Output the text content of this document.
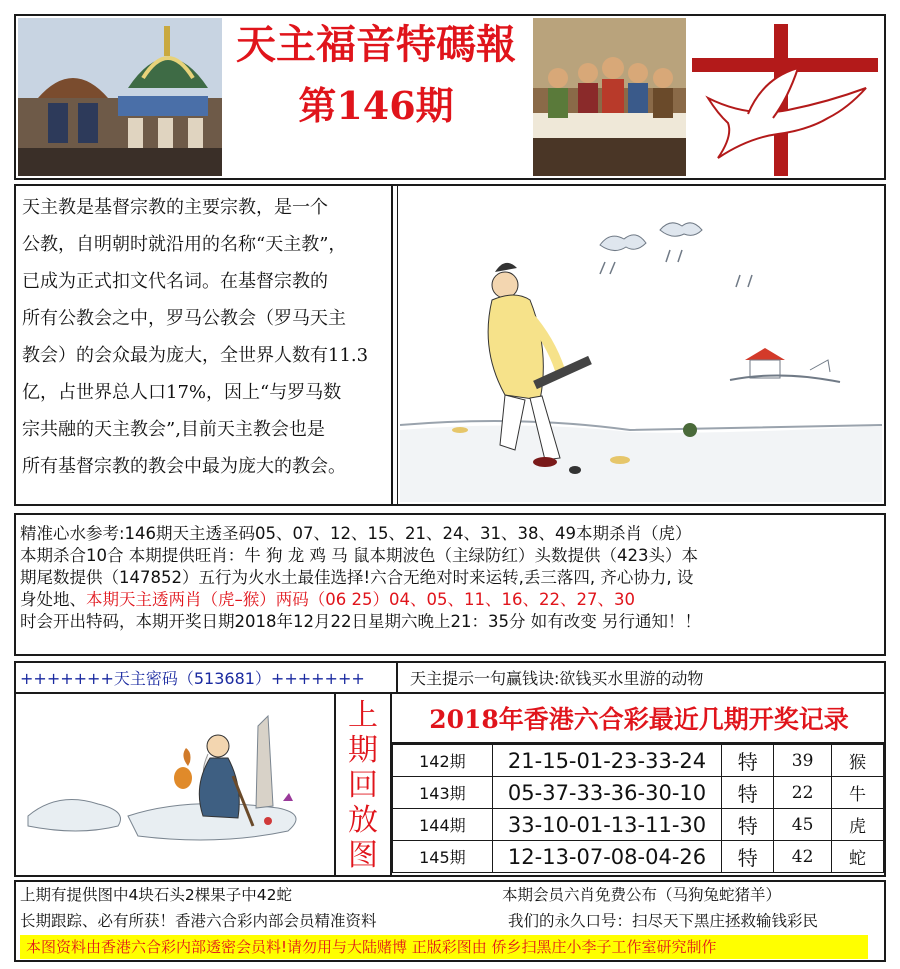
天主福音特碼報
第146期
天主教是基督宗教的主要宗教，是一个
公教，自明朝时就沿用的名称“天主教”，
已成为正式扣文代名词。在基督宗教的
所有公教会之中，罗马公教会（罗马天主
教会）的会众最为庞大，全世界人数有11.3
亿，占世界总人口17%，因上“与罗马数
宗共融的天主教会”,目前天主教会也是
所有基督宗教的教会中最为庞大的教会。
精准心水参考:146期天主透圣码05、07、12、15、21、24、31、38、49本期杀肖（虎）
本期杀合10合 本期提供旺肖：牛 狗 龙 鸡 马 鼠本期波色（主绿防红）头数提供（423头）本
期尾数提供（147852）五行为火水土最佳选择!六合无绝对时来运转,丢三落四, 齐心协力, 设
身处地、本期天主透两肖（虎–猴）两码（06 25）04、05、11、16、22、27、30
时会开出特码，本期开奖日期2018年12月22日星期六晚上21：35分 如有改变 另行通知！！
+++++++天主密码（513681）+++++++	天主提示一句赢钱诀:欲钱买水里游的动物
上
期
回
放
图
2018年香港六合彩最近几期开奖记录
142期	21-15-01-23-33-24	特	39	猴
143期	05-37-33-36-30-10	特	22	牛
144期	33-10-01-13-11-30	特	45	虎
145期	12-13-07-08-04-26	特	42	蛇
上期有提供图中4块石头2棵果子中42蛇	本期会员六肖免费公布（马狗兔蛇猪羊）
长期跟踪、必有所获！香港六合彩内部会员精准资料	我们的永久口号：扫尽天下黑庄拯救输钱彩民
本图资料由香港六合彩内部透密会员料!请勿用与大陆赌博 正版彩图由 侨乡扫黑庄小李子工作室研究制作
